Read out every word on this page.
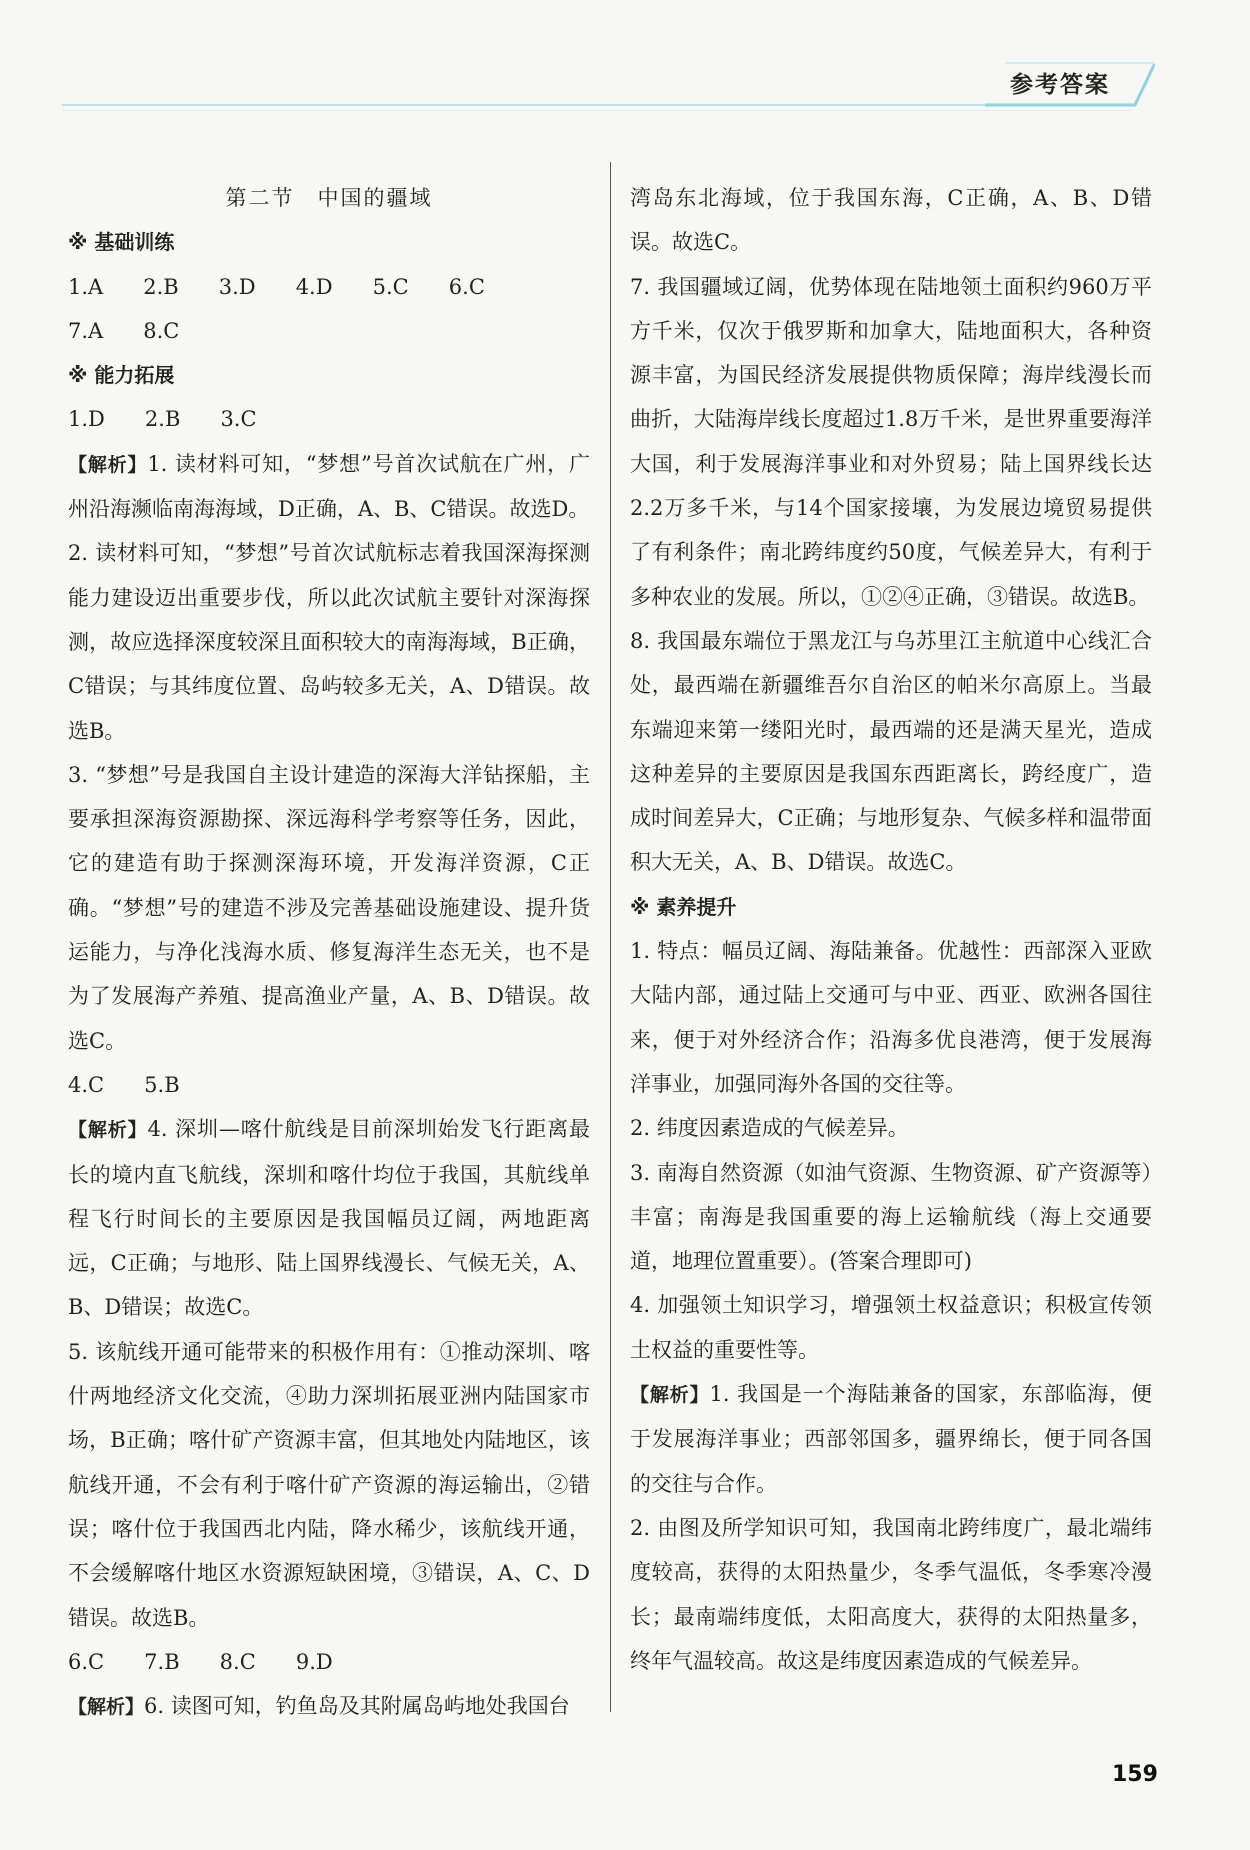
参考答案
第二节　中国的疆域
※ 基础训练
1.A      2.B      3.D      4.D      5.C      6.C
7.A      8.C
※ 能力拓展
1.D      2.B      3.C

【解析】1. 读材料可知，“梦想”号首次试航在广州，广州沿海濒临南海海域，D正确，A、B、C错误。故选D。

2. 读材料可知，“梦想”号首次试航标志着我国深海探测能力建设迈出重要步伐，所以此次试航主要针对深海探测，故应选择深度较深且面积较大的南海海域，B正确，C错误；与其纬度位置、岛屿较多无关，A、D错误。故选B。

3. “梦想”号是我国自主设计建造的深海大洋钻探船，主要承担深海资源勘探、深远海科学考察等任务，因此，它的建造有助于探测深海环境，开发海洋资源，C正确。“梦想”号的建造不涉及完善基础设施建设、提升货运能力，与净化浅海水质、修复海洋生态无关，也不是为了发展海产养殖、提高渔业产量，A、B、D错误。故选C。

4.C      5.B

【解析】4. 深圳—喀什航线是目前深圳始发飞行距离最长的境内直飞航线，深圳和喀什均位于我国，其航线单程飞行时间长的主要原因是我国幅员辽阔，两地距离远，C正确；与地形、陆上国界线漫长、气候无关，A、B、D错误；故选C。

5. 该航线开通可能带来的积极作用有：①推动深圳、喀什两地经济文化交流，④助力深圳拓展亚洲内陆国家市场，B正确；喀什矿产资源丰富，但其地处内陆地区，该航线开通，不会有利于喀什矿产资源的海运输出，②错误；喀什位于我国西北内陆，降水稀少，该航线开通，不会缓解喀什地区水资源短缺困境，③错误，A、C、D错误。故选B。

6.C      7.B      8.C      9.D

【解析】6. 读图可知，钓鱼岛及其附属岛屿地处我国台

湾岛东北海域，位于我国东海，C正确，A、B、D错误。故选C。

7. 我国疆域辽阔，优势体现在陆地领土面积约960万平方千米，仅次于俄罗斯和加拿大，陆地面积大，各种资源丰富，为国民经济发展提供物质保障；海岸线漫长而曲折，大陆海岸线长度超过1.8万千米，是世界重要海洋大国，利于发展海洋事业和对外贸易；陆上国界线长达2.2万多千米，与14个国家接壤，为发展边境贸易提供了有利条件；南北跨纬度约50度，气候差异大，有利于多种农业的发展。所以，①②④正确，③错误。故选B。

8. 我国最东端位于黑龙江与乌苏里江主航道中心线汇合处，最西端在新疆维吾尔自治区的帕米尔高原上。当最东端迎来第一缕阳光时，最西端的还是满天星光，造成这种差异的主要原因是我国东西距离长，跨经度广，造成时间差异大，C正确；与地形复杂、气候多样和温带面积大无关，A、B、D错误。故选C。

※ 素养提升

1. 特点：幅员辽阔、海陆兼备。优越性：西部深入亚欧大陆内部，通过陆上交通可与中亚、西亚、欧洲各国往来，便于对外经济合作；沿海多优良港湾，便于发展海洋事业，加强同海外各国的交往等。

2. 纬度因素造成的气候差异。

3. 南海自然资源（如油气资源、生物资源、矿产资源等）丰富；南海是我国重要的海上运输航线（海上交通要道，地理位置重要）。(答案合理即可)

4. 加强领土知识学习，增强领土权益意识；积极宣传领土权益的重要性等。

【解析】1. 我国是一个海陆兼备的国家，东部临海，便于发展海洋事业；西部邻国多，疆界绵长，便于同各国的交往与合作。

2. 由图及所学知识可知，我国南北跨纬度广，最北端纬度较高，获得的太阳热量少，冬季气温低，冬季寒冷漫长；最南端纬度低，太阳高度大，获得的太阳热量多，终年气温较高。故这是纬度因素造成的气候差异。

159
